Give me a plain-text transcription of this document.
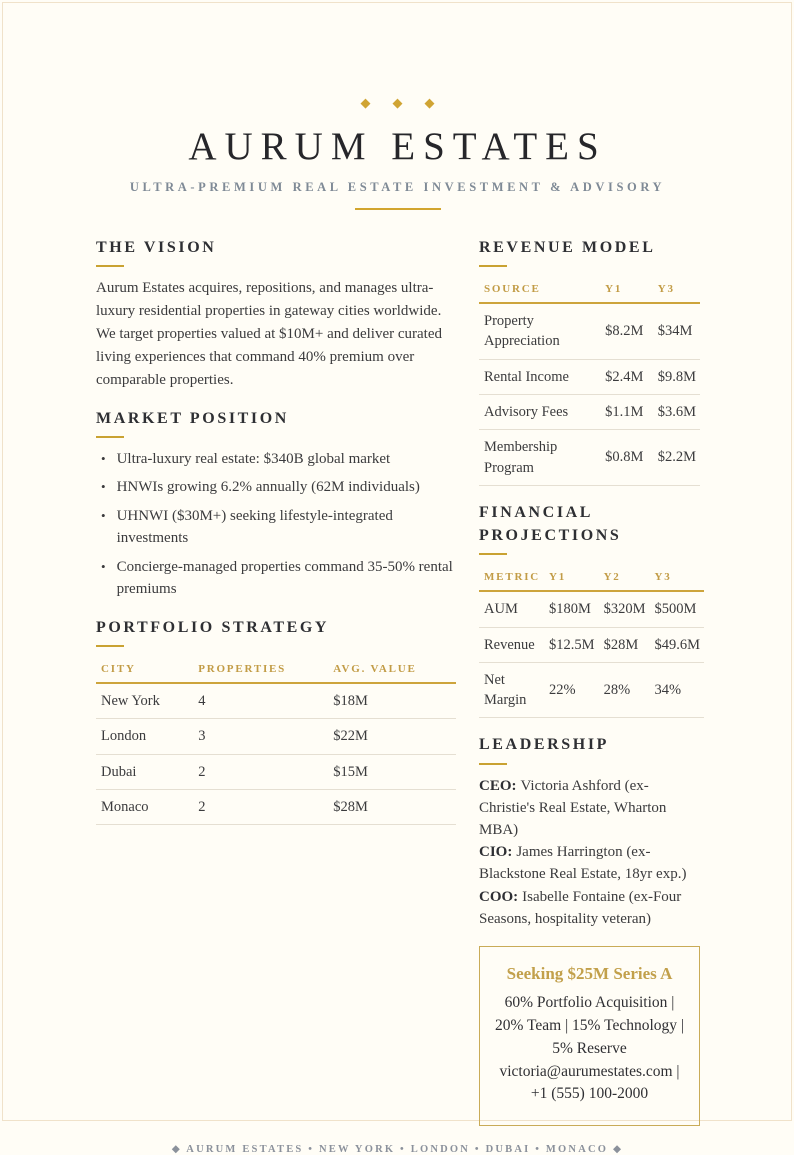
◆ ◆ ◆
AURUM ESTATES
ULTRA-PREMIUM REAL ESTATE INVESTMENT & ADVISORY
THE VISION

Aurum Estates acquires, repositions, and manages ultra-luxury residential properties in gateway cities worldwide. We target properties valued at $10M+ and deliver curated living experiences that command 40% premium over comparable properties.

MARKET POSITION
• Ultra-luxury real estate: $340B global market
• HNWIs growing 6.2% annually (62M individuals)
• UHNWI ($30M+) seeking lifestyle-integrated investments
• Concierge-managed properties command 35-50% rental premiums
PORTFOLIO STRATEGY
CITY	PROPERTIES	AVG. VALUE
New York	4	$18M
London	3	$22M
Dubai	2	$15M
Monaco	2	$28M
REVENUE MODEL
SOURCE	Y1	Y3
Property Appreciation	$8.2M	$34M
Rental Income	$2.4M	$9.8M
Advisory Fees	$1.1M	$3.6M
Membership Program	$0.8M	$2.2M
FINANCIAL PROJECTIONS
METRIC	Y1	Y2	Y3
AUM	$180M	$320M	$500M
Revenue	$12.5M	$28M	$49.6M
Net Margin	22%	28%	34%
LEADERSHIP

CEO: Victoria Ashford (ex-Christie's Real Estate, Wharton MBA)

CIO: James Harrington (ex-Blackstone Real Estate, 18yr exp.)

COO: Isabelle Fontaine (ex-Four Seasons, hospitality veteran)

Seeking $25M Series A

60% Portfolio Acquisition | 20% Team | 15% Technology | 5% Reserve

victoria@aurumestates.com | +1 (555) 100-2000

◆ AURUM ESTATES • NEW YORK • LONDON • DUBAI • MONACO ◆
